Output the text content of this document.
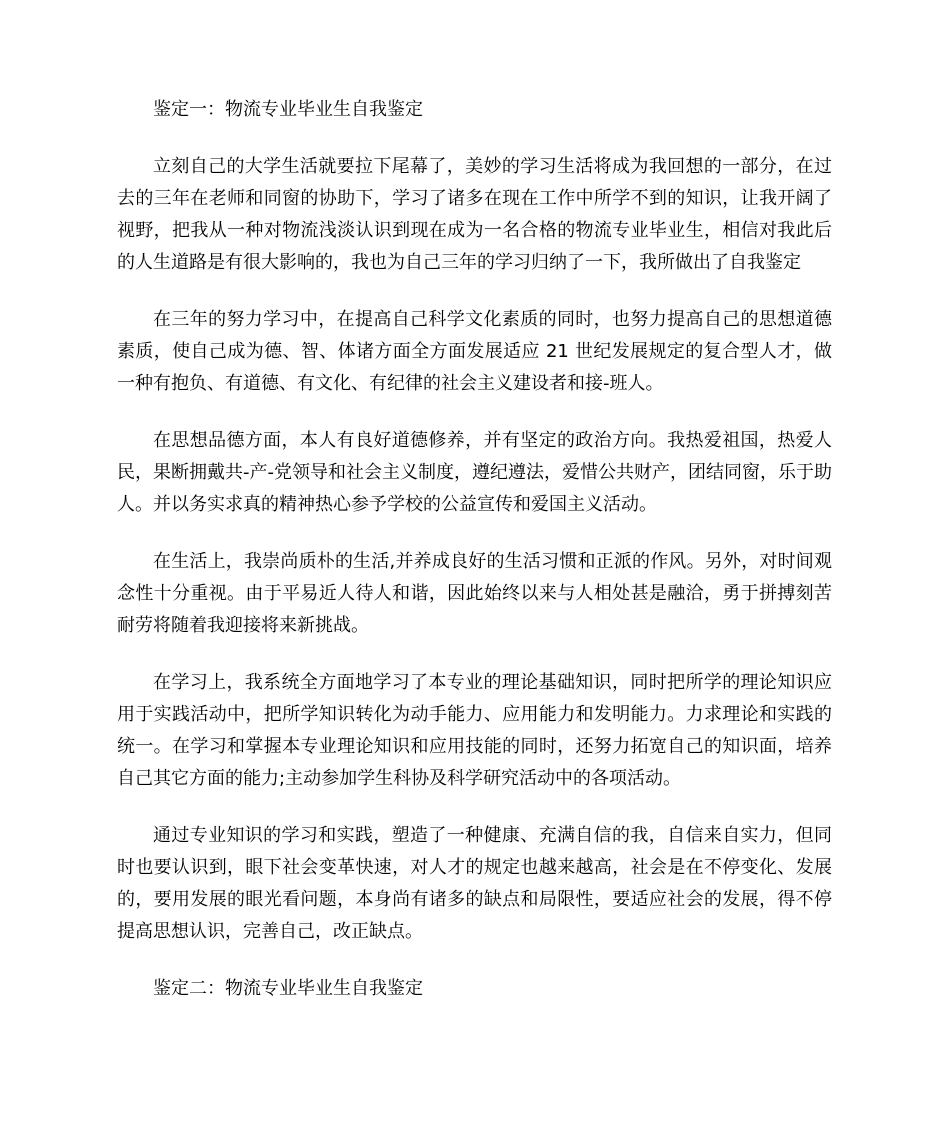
鉴定一：物流专业毕业生自我鉴定

立刻自己的大学生活就要拉下尾幕了，美妙的学习生活将成为我回想的一部分，在过去的三年在老师和同窗的协助下，学习了诸多在现在工作中所学不到的知识，让我开阔了视野，把我从一种对物流浅淡认识到现在成为一名合格的物流专业毕业生，相信对我此后的人生道路是有很大影响的，我也为自己三年的学习归纳了一下，我所做出了自我鉴定

在三年的努力学习中，在提高自己科学文化素质的同时，也努力提高自己的思想道德素质，使自己成为德、智、体诸方面全方面发展适应 21 世纪发展规定的复合型人才，做一种有抱负、有道德、有文化、有纪律的社会主义建设者和接-班人。

在思想品德方面，本人有良好道德修养，并有坚定的政治方向。我热爱祖国，热爱人民，果断拥戴共-产-党领导和社会主义制度，遵纪遵法，爱惜公共财产，团结同窗，乐于助人。并以务实求真的精神热心参予学校的公益宣传和爱国主义活动。

在生活上，我崇尚质朴的生活,并养成良好的生活习惯和正派的作风。另外，对时间观念性十分重视。由于平易近人待人和谐，因此始终以来与人相处甚是融洽，勇于拼搏刻苦耐劳将随着我迎接将来新挑战。

在学习上，我系统全方面地学习了本专业的理论基础知识，同时把所学的理论知识应用于实践活动中，把所学知识转化为动手能力、应用能力和发明能力。力求理论和实践的统一。在学习和掌握本专业理论知识和应用技能的同时，还努力拓宽自己的知识面，培养自己其它方面的能力;主动参加学生科协及科学研究活动中的各项活动。

通过专业知识的学习和实践，塑造了一种健康、充满自信的我，自信来自实力，但同时也要认识到，眼下社会变革快速，对人才的规定也越来越高，社会是在不停变化、发展的，要用发展的眼光看问题，本身尚有诸多的缺点和局限性，要适应社会的发展，得不停提高思想认识，完善自己，改正缺点。

鉴定二：物流专业毕业生自我鉴定
